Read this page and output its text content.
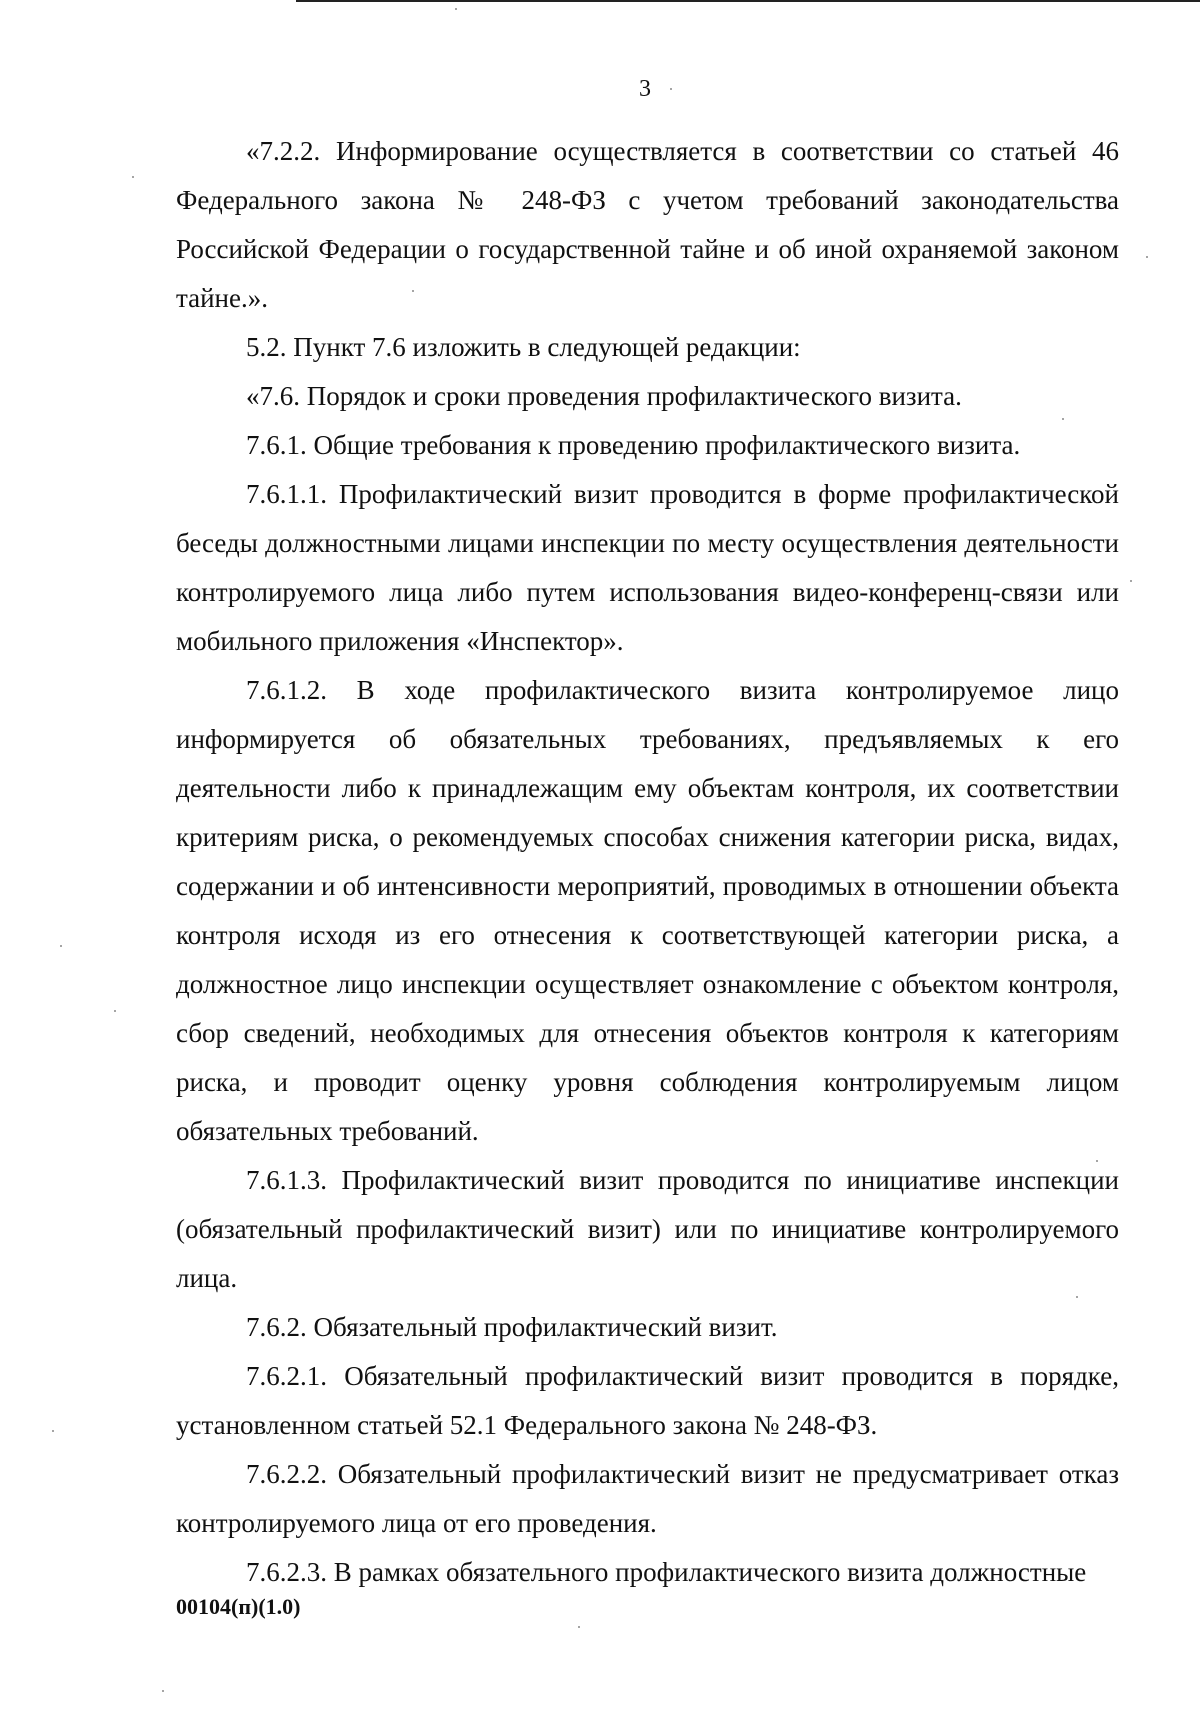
3

«7.2.2. Информирование осуществляется в соответствии со статьей 46 Федерального закона № 248-ФЗ с учетом требований законодательства Российской Федерации о государственной тайне и об иной охраняемой законом тайне.».

5.2. Пункт 7.6 изложить в следующей редакции:

«7.6. Порядок и сроки проведения профилактического визита.

7.6.1. Общие требования к проведению профилактического визита.

7.6.1.1. Профилактический визит проводится в форме профилактической беседы должностными лицами инспекции по месту осуществления деятельности контролируемого лица либо путем использования видео-конференц-связи или мобильного приложения «Инспектор».

7.6.1.2. В ходе профилактического визита контролируемое лицо информируется об обязательных требованиях, предъявляемых к его деятельности либо к принадлежащим ему объектам контроля, их соответствии критериям риска, о рекомендуемых способах снижения категории риска, видах, содержании и об интенсивности мероприятий, проводимых в отношении объекта контроля исходя из его отнесения к соответствующей категории риска, а должностное лицо инспекции осуществляет ознакомление с объектом контроля, сбор сведений, необходимых для отнесения объектов контроля к категориям риска, и проводит оценку уровня соблюдения контролируемым лицом обязательных требований.

7.6.1.3. Профилактический визит проводится по инициативе инспекции (обязательный профилактический визит) или по инициативе контролируемого лица.

7.6.2. Обязательный профилактический визит.

7.6.2.1. Обязательный профилактический визит проводится в порядке, установленном статьей 52.1 Федерального закона № 248-ФЗ.

7.6.2.2. Обязательный профилактический визит не предусматривает отказ контролируемого лица от его проведения.

7.6.2.3. В рамках обязательного профилактического визита должностные

00104(п)(1.0)
